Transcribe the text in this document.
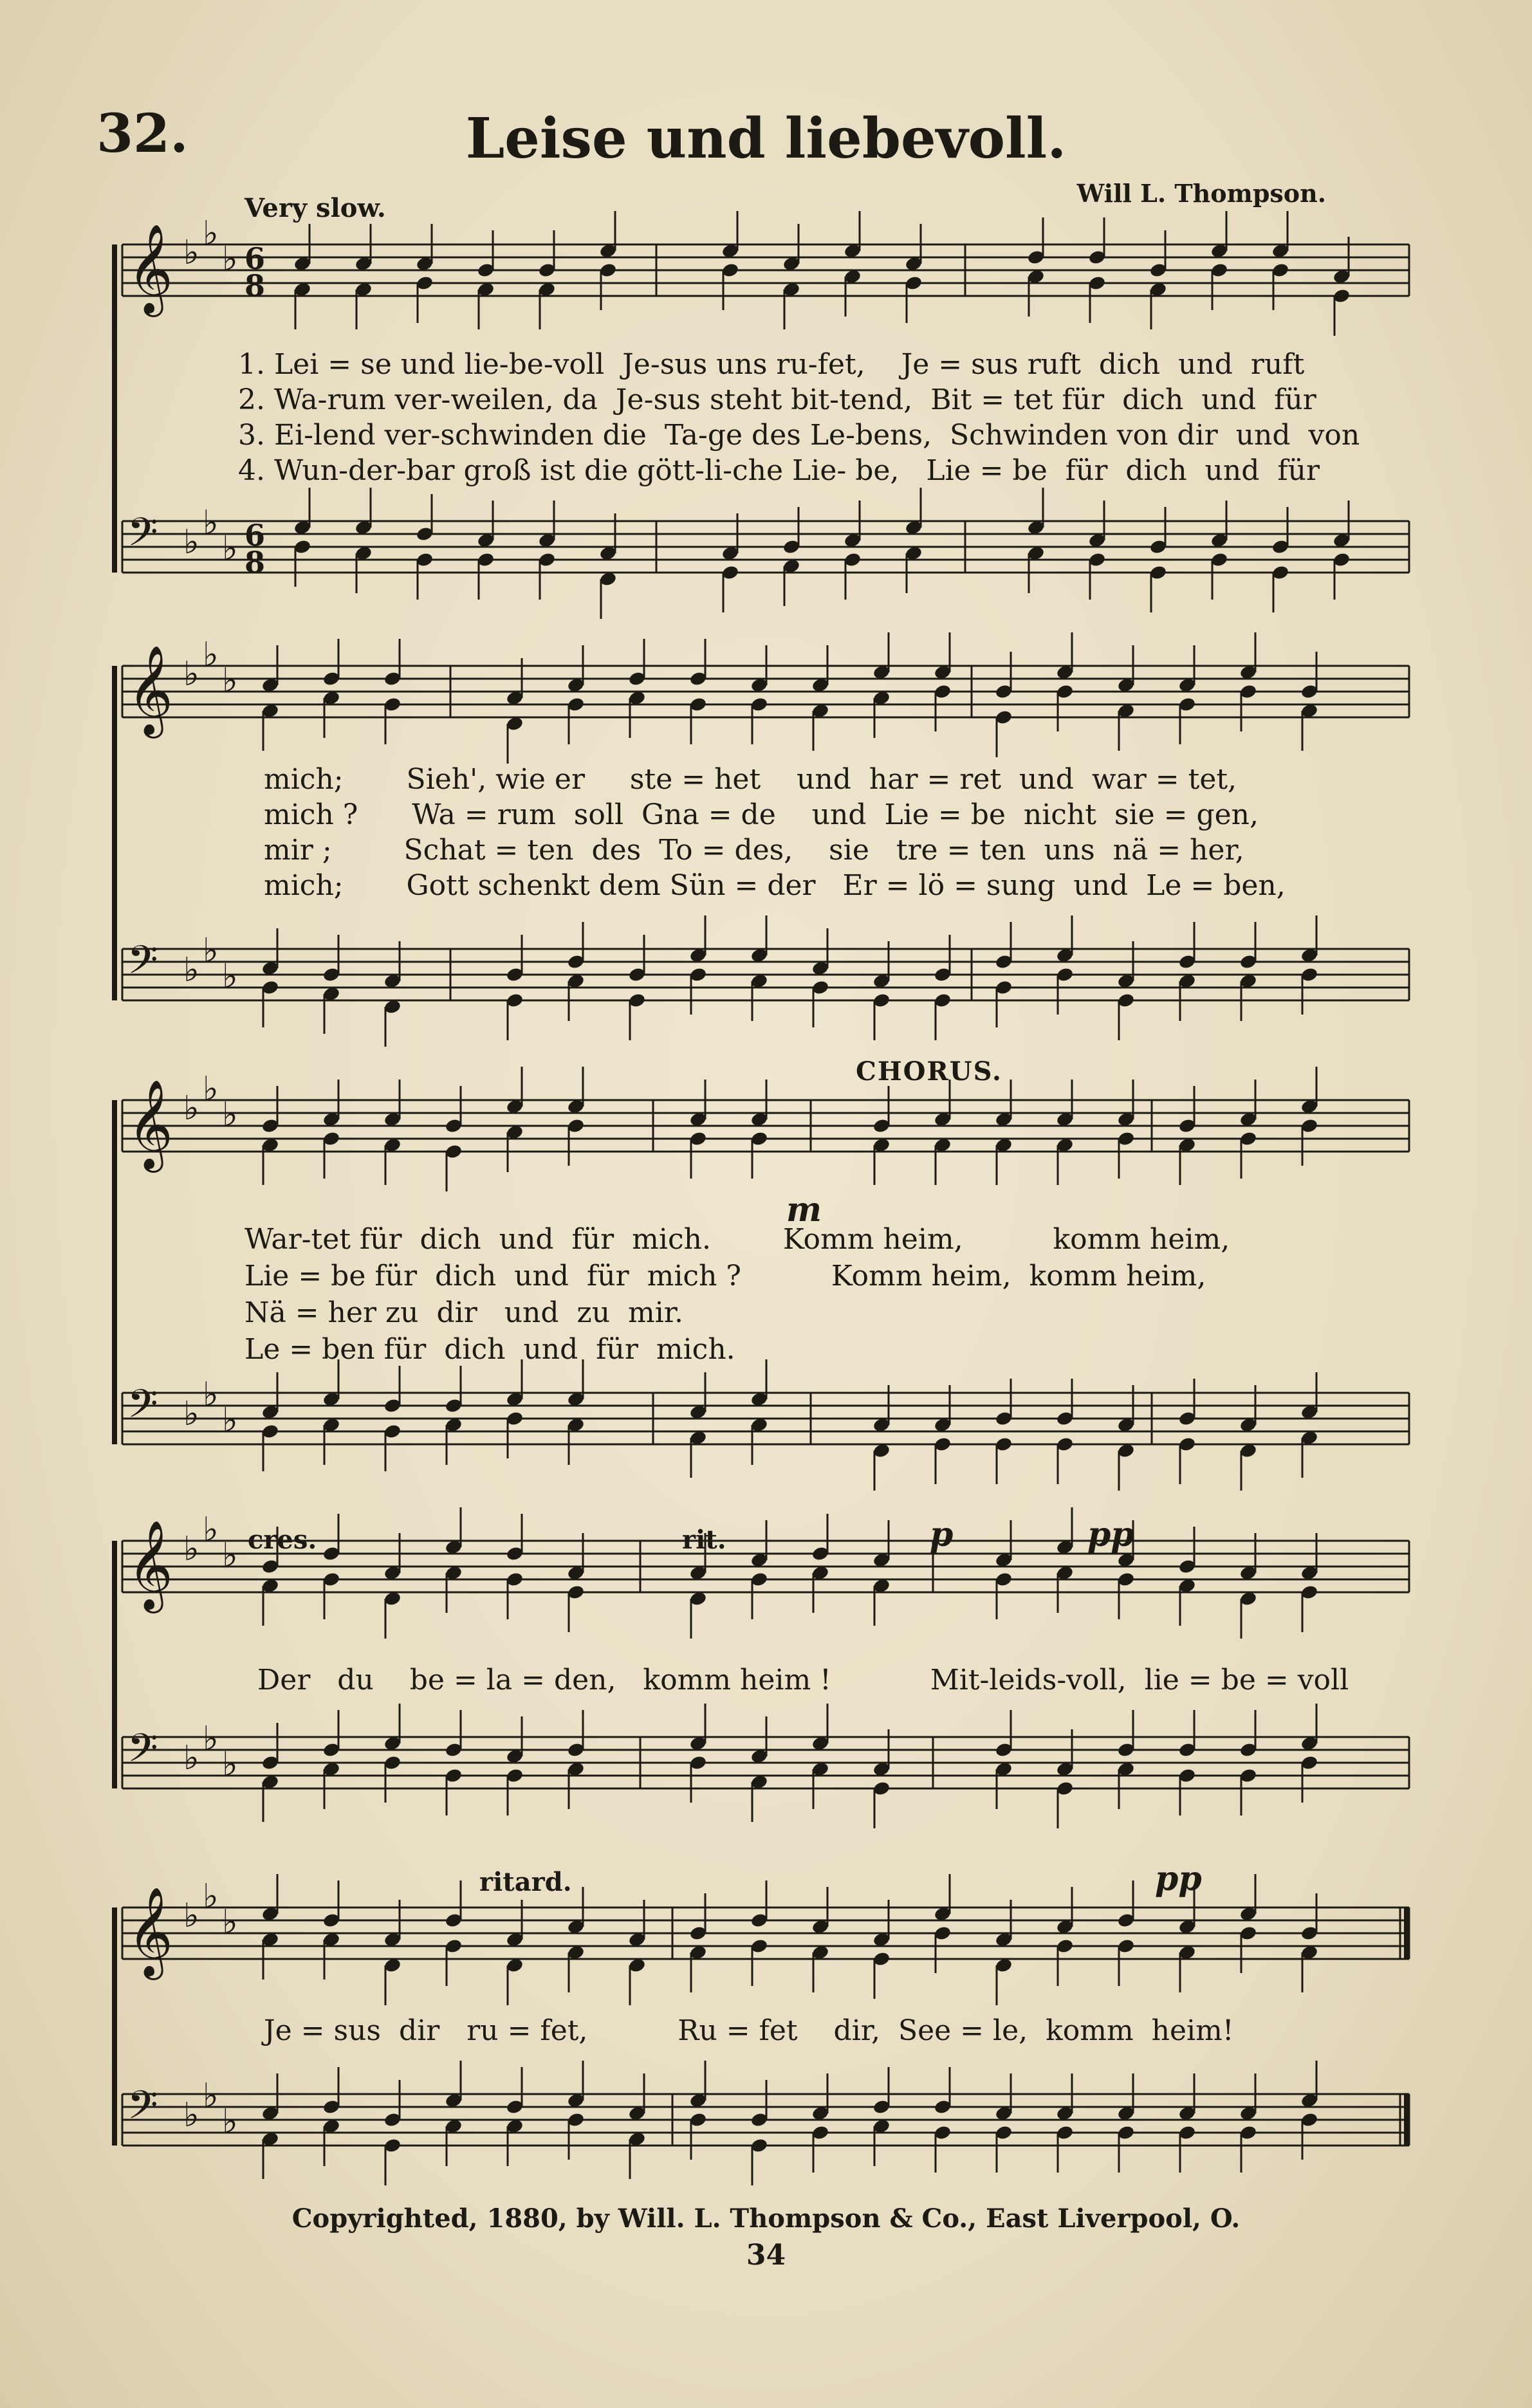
32.	Leise und liebevoll.
Will L. Thompson.
Very slow.
𝄞 ♭ ♭
♭
𝄢 ♭ ♭
♭
6
8
6
8
𝄞 ♭ ♭
♭
𝄢 ♭ ♭
♭
𝄞 ♭ ♭
♭
𝄢 ♭ ♭
♭
𝄞 ♭ ♭
♭
𝄢 ♭ ♭
♭
𝄞 ♭ ♭
♭
𝄢 ♭ ♭
♭
1. Lei = se und lie-be-voll  Je-sus uns ru-fet,    Je = sus ruft  dich  und  ruft
2. Wa-rum ver-weilen, da  Je-sus steht bit-tend,  Bit = tet für  dich  und  für
3. Ei-lend ver-schwinden die  Ta-ge des Le-bens,  Schwinden von dir  und  von
4. Wun-der-bar groß ist die gött-li-che Lie- be,   Lie = be  für  dich  und  für
mich;       Sieh', wie er     ste = het    und  har = ret  und  war = tet,
mich ?      Wa = rum  soll  Gna = de    und  Lie = be  nicht  sie = gen,
mir ;        Schat = ten  des  To = des,    sie   tre = ten  uns  nä = her,
mich;       Gott schenkt dem Sün = der   Er = lö = sung  und  Le = ben,
CHORUS.
m
War-tet für  dich  und  für  mich.        Komm heim,          komm heim,
Lie = be für  dich  und  für  mich ?          Komm heim,  komm heim,
Nä = her zu  dir   und  zu  mir.
Le = ben für  dich  und  für  mich.
cres.	rit.	p	pp
Der   du    be = la = den,   komm heim !           Mit-leids-voll,  lie = be = voll
ritard.	pp
Je = sus  dir   ru = fet,          Ru = fet    dir,  See = le,  komm  heim!
Copyrighted, 1880, by Will. L. Thompson & Co., East Liverpool, O.
34
